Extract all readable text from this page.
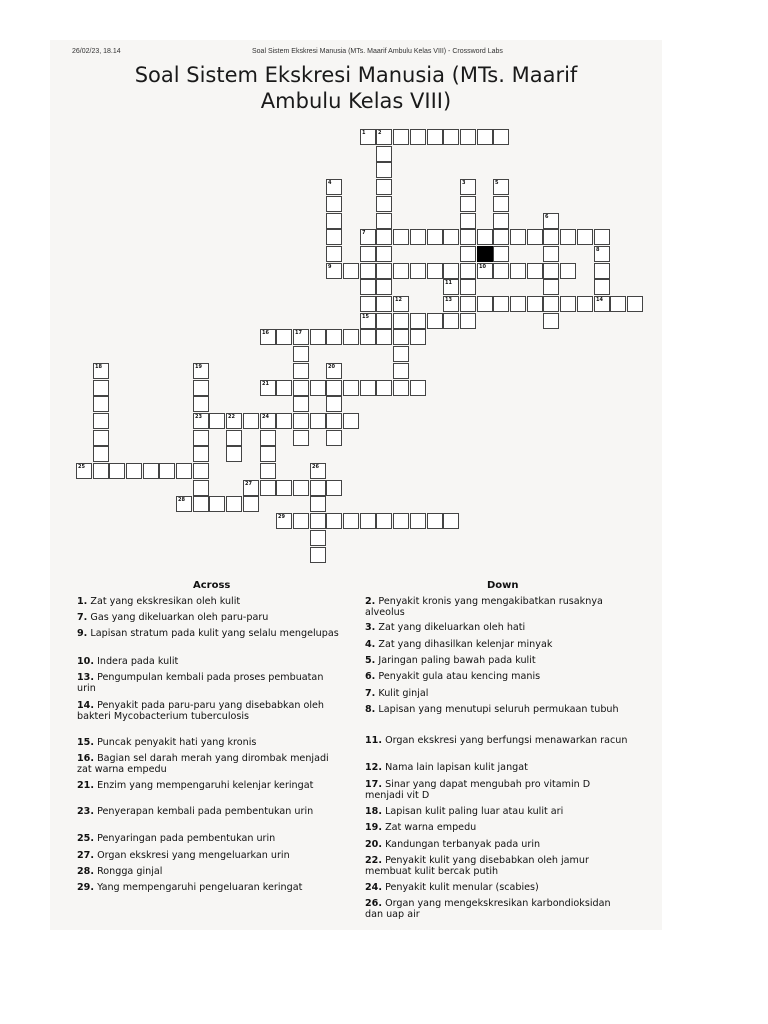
26/02/23, 18.14	Soal Sistem Ekskresi Manusia (MTs. Maarif Ambulu Kelas VIII) - Crossword Labs
Soal Sistem Ekskresi Manusia (MTs. Maarif
Ambulu Kelas VIII)
1	2
3
4	5
6
7
8
9	10
11
12	13	14
15
16	17
18	19	20
21
22
23	24
25	26
27
28
29
Across
1. Zat yang ekskresikan oleh kulit
7. Gas yang dikeluarkan oleh paru-paru
9. Lapisan stratum pada kulit yang selalu mengelupas
10. Indera pada kulit
13. Pengumpulan kembali pada proses pembuatan urin
14. Penyakit pada paru-paru yang disebabkan oleh bakteri Mycobacterium tuberculosis
15. Puncak penyakit hati yang kronis
16. Bagian sel darah merah yang dirombak menjadi zat warna empedu
21. Enzim yang mempengaruhi kelenjar keringat
23. Penyerapan kembali pada pembentukan urin
25. Penyaringan pada pembentukan urin
27. Organ ekskresi yang mengeluarkan urin
28. Rongga ginjal
29. Yang mempengaruhi pengeluaran keringat
Down
2. Penyakit kronis yang mengakibatkan rusaknya alveolus
3. Zat yang dikeluarkan oleh hati
4. Zat yang dihasilkan kelenjar minyak
5. Jaringan paling bawah pada kulit
6. Penyakit gula atau kencing manis
7. Kulit ginjal
8. Lapisan yang menutupi seluruh permukaan tubuh
11. Organ ekskresi yang berfungsi menawarkan racun
12. Nama lain lapisan kulit jangat
17. Sinar yang dapat mengubah pro vitamin D menjadi vit D
18. Lapisan kulit paling luar atau kulit ari
19. Zat warna empedu
20. Kandungan terbanyak pada urin
22. Penyakit kulit yang disebabkan oleh jamur membuat kulit bercak putih
24. Penyakit kulit menular (scabies)
26. Organ yang mengekskresikan karbondioksidan dan uap air
